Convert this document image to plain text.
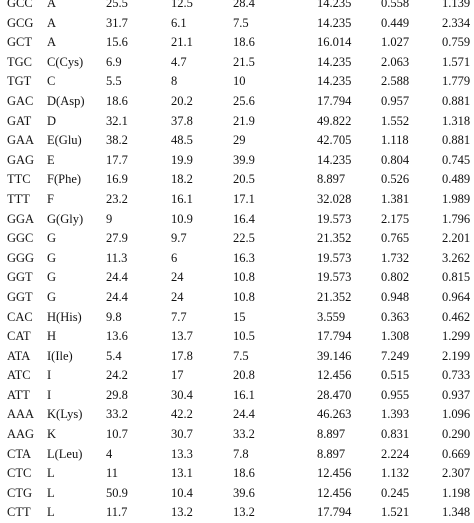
GCC	A	25.5	12.5	28.4	14.235	0.558	1.139	
GCG	A	31.7	6.1	7.5	14.235	0.449	2.334	
GCT	A	15.6	21.1	18.6	16.014	1.027	0.759	
TGC	C(Cys)	6.9	4.7	21.5	14.235	2.063	1.571	
TGT	C	5.5	8	10	14.235	2.588	1.779	
GAC	D(Asp)	18.6	20.2	25.6	17.794	0.957	0.881	
GAT	D	32.1	37.8	21.9	49.822	1.552	1.318	
GAA	E(Glu)	38.2	48.5	29	42.705	1.118	0.881	
GAG	E	17.7	19.9	39.9	14.235	0.804	0.745	
TTC	F(Phe)	16.9	18.2	20.5	8.897	0.526	0.489	
TTT	F	23.2	16.1	17.1	32.028	1.381	1.989	
GGA	G(Gly)	9	10.9	16.4	19.573	2.175	1.796	
GGC	G	27.9	9.7	22.5	21.352	0.765	2.201	
GGG	G	11.3	6	16.3	19.573	1.732	3.262	
GGT	G	24.4	24	10.8	19.573	0.802	0.815	
GGT	G	24.4	24	10.8	21.352	0.948	0.964	
CAC	H(His)	9.8	7.7	15	3.559	0.363	0.462	
CAT	H	13.6	13.7	10.5	17.794	1.308	1.299	
ATA	I(Ile)	5.4	17.8	7.5	39.146	7.249	2.199	
ATC	I	24.2	17	20.8	12.456	0.515	0.733	
ATT	I	29.8	30.4	16.1	28.470	0.955	0.937	
AAA	K(Lys)	33.2	42.2	24.4	46.263	1.393	1.096	
AAG	K	10.7	30.7	33.2	8.897	0.831	0.290	
CTA	L(Leu)	4	13.3	7.8	8.897	2.224	0.669	
CTC	L	11	13.1	18.6	12.456	1.132	2.307	
CTG	L	50.9	10.4	39.6	12.456	0.245	1.198	
CTT	L	11.7	13.2	13.2	17.794	1.521	1.348	
